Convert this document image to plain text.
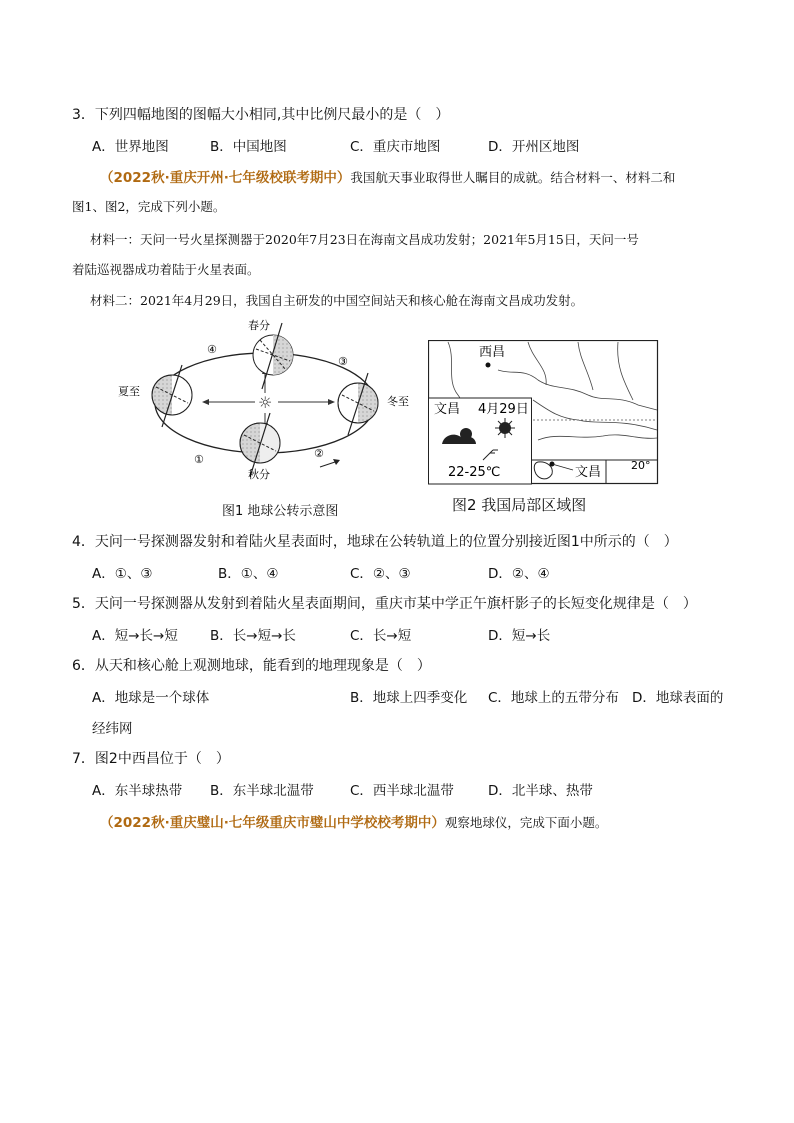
3．下列四幅地图的图幅大小相同,其中比例尺最小的是（　）
A．世界地图	B．中国地图	C．重庆市地图	D．开州区地图
（2022秋·重庆开州·七年级校联考期中）我国航天事业取得世人瞩目的成就。结合材料一、材料二和
图1、图2，完成下列小题。
材料一：天问一号火星探测器于2020年7月23日在海南文昌成功发射；2021年5月15日，天问一号
着陆巡视器成功着陆于火星表面。
材料二：2021年4月29日，我国自主研发的中国空间站天和核心舱在海南文昌成功发射。
☼
春分
夏至
冬至
秋分
①	②
③
④
图1 地球公转示意图
西昌
文昌 4月29日
22-25℃	文昌	20°
图2 我国局部区域图
4．天问一号探测器发射和着陆火星表面时，地球在公转轨道上的位置分别接近图1中所示的（　）
A．①、③	B．①、④	C．②、③	D．②、④
5．天问一号探测器从发射到着陆火星表面期间，重庆市某中学正午旗杆影子的长短变化规律是（　）
A．短→长→短 B．长→短→长	C．长→短	D．短→长
6．从天和核心舱上观测地球，能看到的地理现象是（　）
A．地球是一个球体	B．地球上四季变化 C．地球上的五带分布 D．地球表面的
经纬网
7．图2中西昌位于（　）
A．东半球热带 B．东半球北温带	C．西半球北温带	D．北半球、热带
（2022秋·重庆璧山·七年级重庆市璧山中学校校考期中）观察地球仪，完成下面小题。
